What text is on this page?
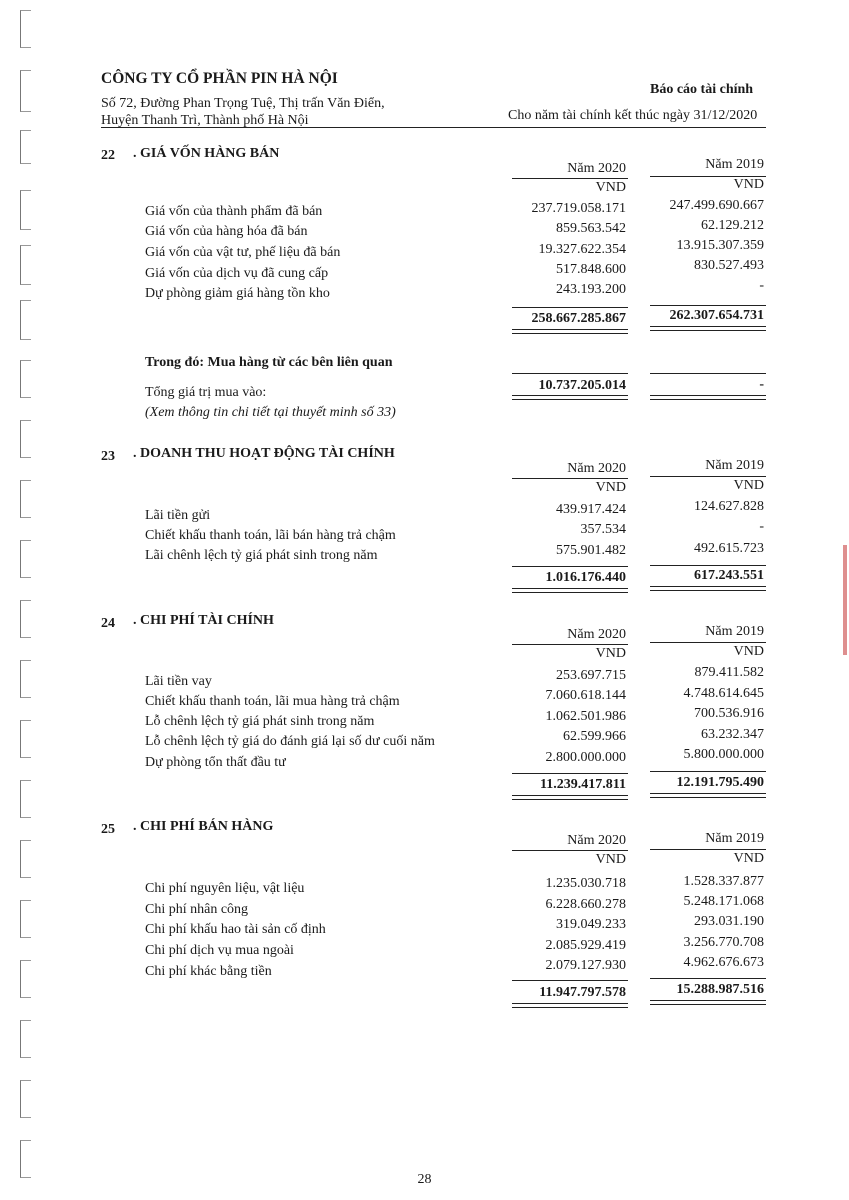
CÔNG TY CỔ PHẦN PIN HÀ NỘI
Số 72, Đường Phan Trọng Tuệ, Thị trấn Văn Điển,
Huyện Thanh Trì, Thành phố Hà Nội
Báo cáo tài chính
Cho năm tài chính kết thúc ngày 31/12/2020
22 . GIÁ VỐN HÀNG BÁN
Năm 2020	Năm 2019
VND	VND
Giá vốn của thành phẩm đã bán	237.719.058.171	247.499.690.667
Giá vốn của hàng hóa đã bán	859.563.542	62.129.212
Giá vốn của vật tư, phế liệu đã bán	19.327.622.354	13.915.307.359
Giá vốn của dịch vụ đã cung cấp	517.848.600	830.527.493
Dự phòng giảm giá hàng tồn kho	243.193.200	-
258.667.285.867	262.307.654.731
Trong đó: Mua hàng từ các bên liên quan
Tổng giá trị mua vào:	10.737.205.014	-
(Xem thông tin chi tiết tại thuyết minh số 33)
23 . DOANH THU HOẠT ĐỘNG TÀI CHÍNH
Năm 2020	Năm 2019
VND	VND
Lãi tiền gửi	439.917.424	124.627.828
Chiết khấu thanh toán, lãi bán hàng trả chậm	357.534	-
Lãi chênh lệch tỷ giá phát sinh trong năm	575.901.482	492.615.723
1.016.176.440	617.243.551
24 . CHI PHÍ TÀI CHÍNH
Năm 2020	Năm 2019
VND	VND
Lãi tiền vay	253.697.715	879.411.582
Chiết khấu thanh toán, lãi mua hàng trả chậm	7.060.618.144	4.748.614.645
Lỗ chênh lệch tỷ giá phát sinh trong năm	1.062.501.986	700.536.916
Lỗ chênh lệch tỷ giá do đánh giá lại số dư cuối năm	62.599.966	63.232.347
Dự phòng tổn thất đầu tư	2.800.000.000	5.800.000.000
11.239.417.811	12.191.795.490
25 . CHI PHÍ BÁN HÀNG
Năm 2020	Năm 2019
VND	VND
Chi phí nguyên liệu, vật liệu	1.235.030.718	1.528.337.877
Chi phí nhân công	6.228.660.278	5.248.171.068
Chi phí khấu hao tài sản cố định	319.049.233	293.031.190
Chi phí dịch vụ mua ngoài	2.085.929.419	3.256.770.708
Chi phí khác bằng tiền	2.079.127.930	4.962.676.673
11.947.797.578	15.288.987.516
28
